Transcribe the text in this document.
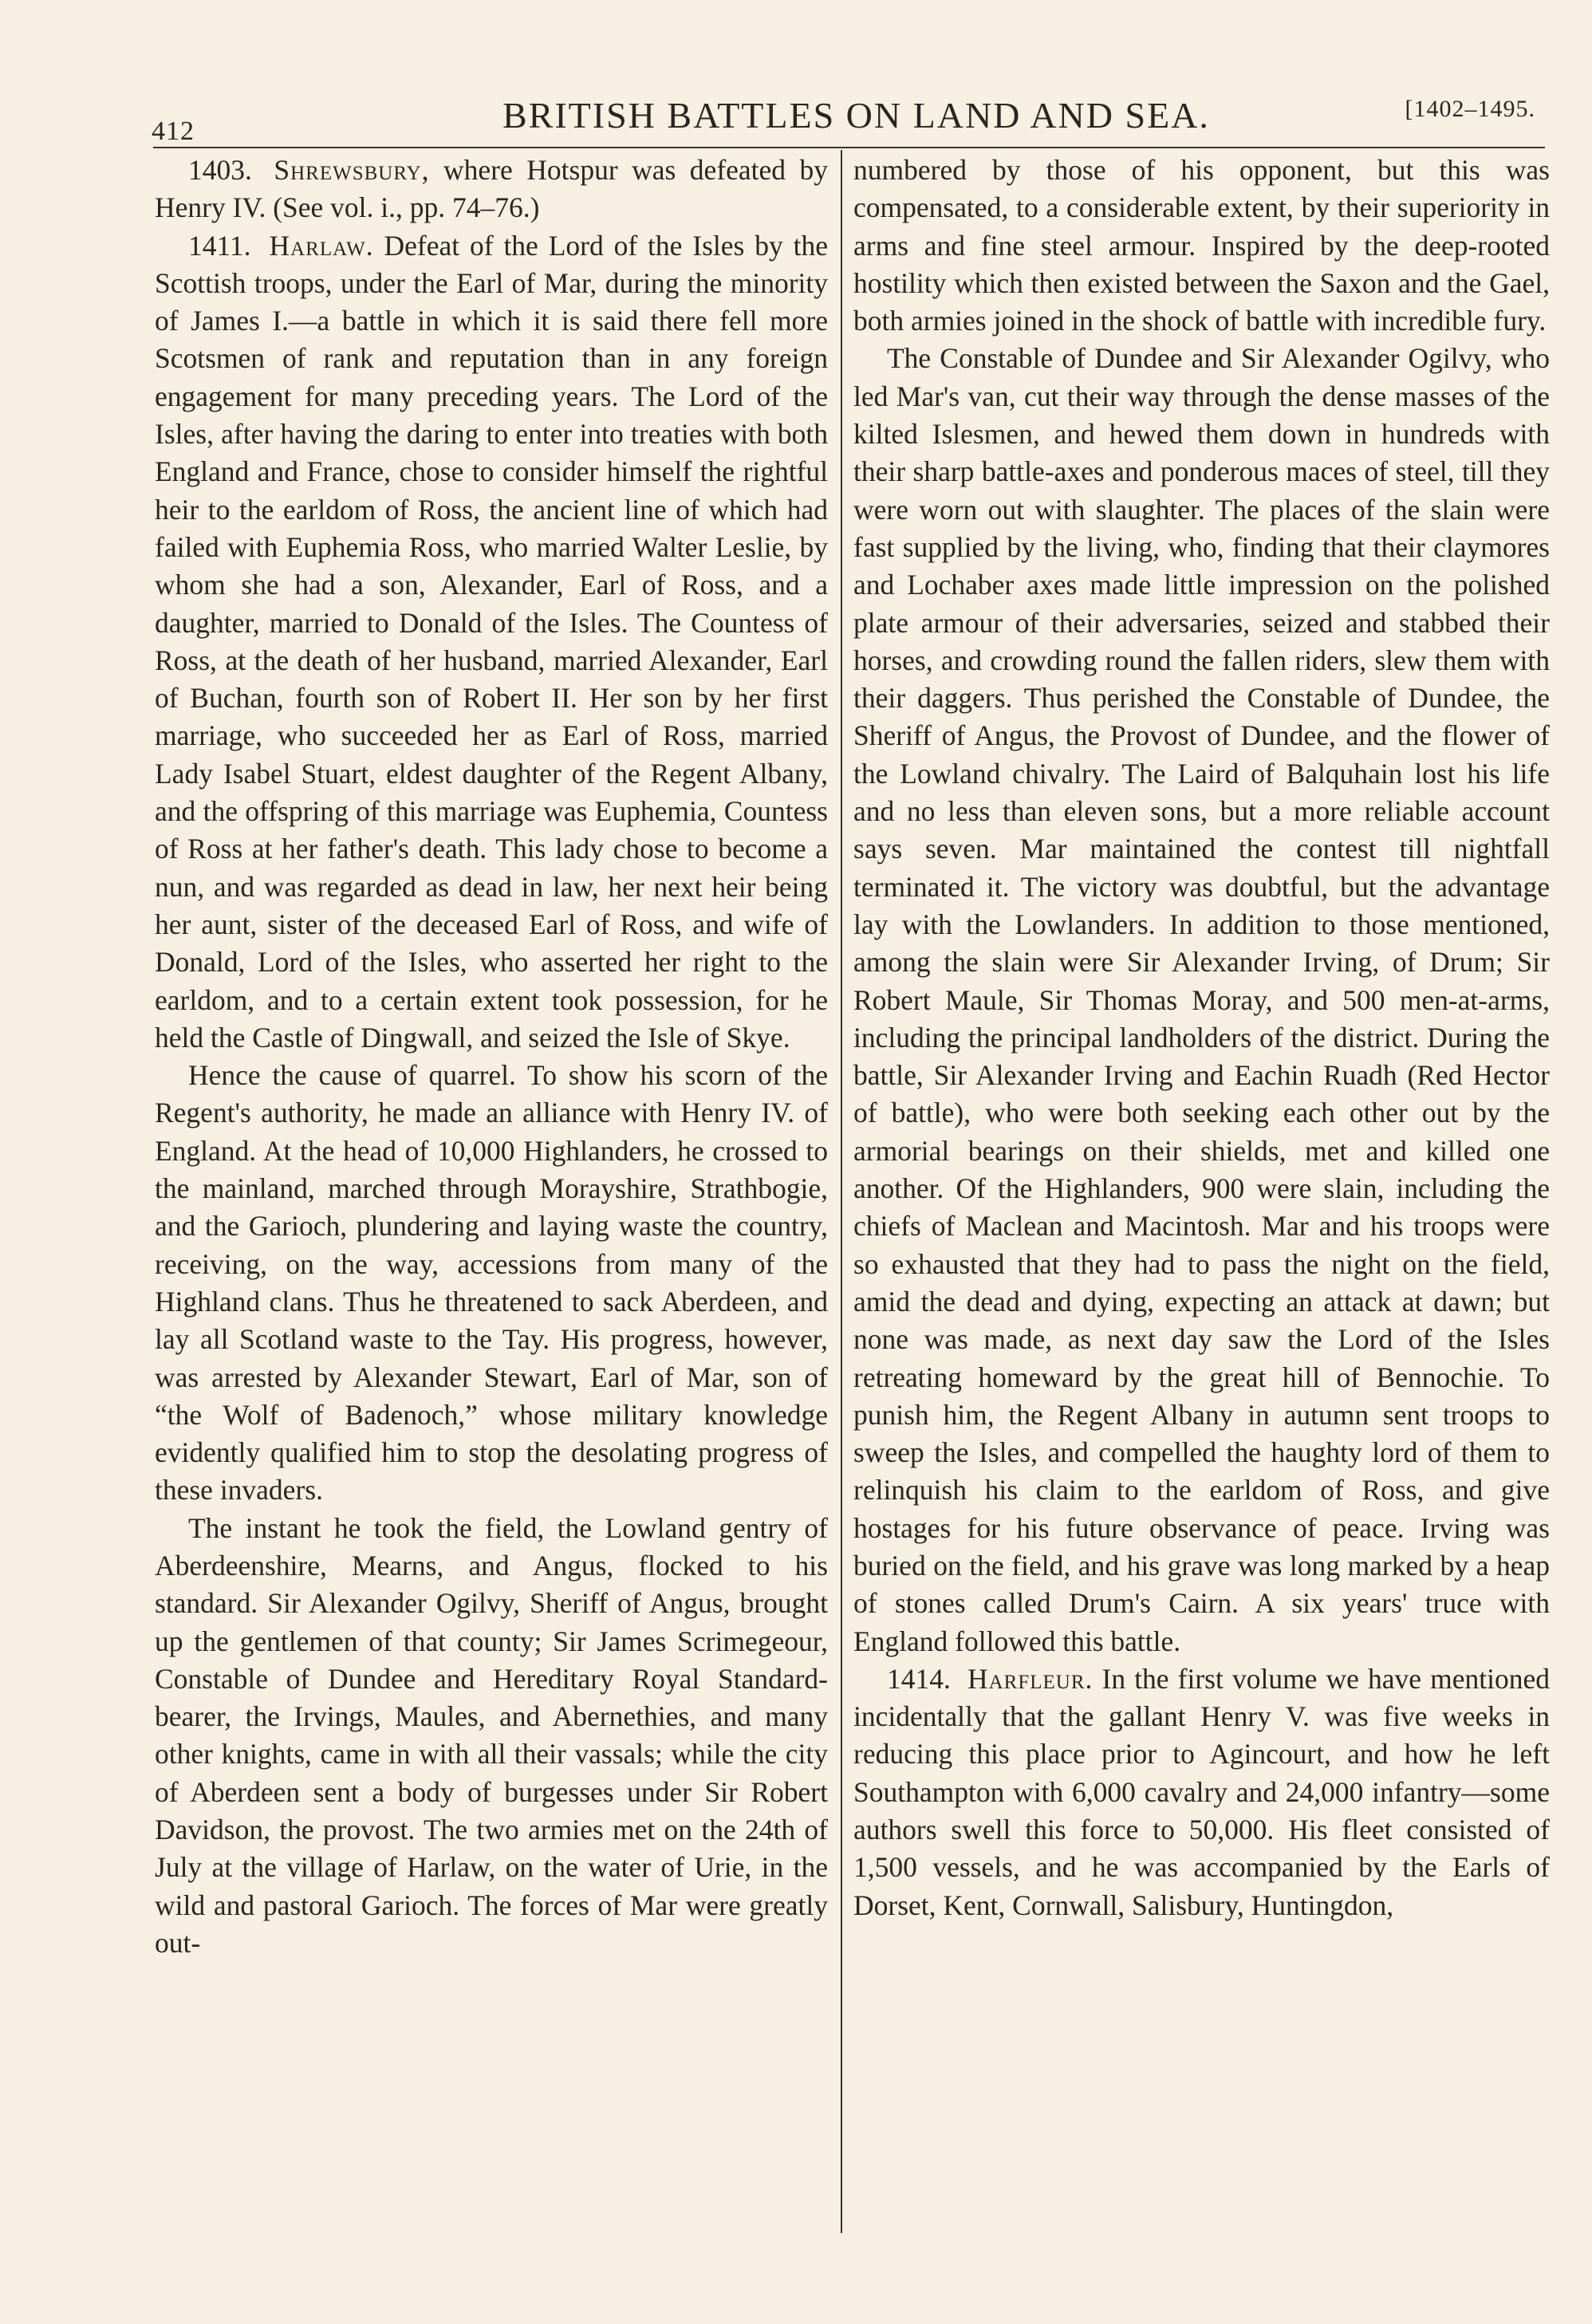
412	BRITISH BATTLES ON LAND AND SEA.	[1402–1495.

1403. Shrewsbury, where Hotspur was defeated by Henry IV. (See vol. i., pp. 74–76.)

1411. Harlaw. Defeat of the Lord of the Isles by the Scottish troops, under the Earl of Mar, during the minority of James I.—a battle in which it is said there fell more Scotsmen of rank and reputation than in any foreign engagement for many preceding years. The Lord of the Isles, after having the daring to enter into treaties with both England and France, chose to consider himself the rightful heir to the earldom of Ross, the ancient line of which had failed with Euphemia Ross, who married Walter Leslie, by whom she had a son, Alexander, Earl of Ross, and a daughter, married to Donald of the Isles. The Countess of Ross, at the death of her husband, married Alexander, Earl of Buchan, fourth son of Robert II. Her son by her first marriage, who succeeded her as Earl of Ross, married Lady Isabel Stuart, eldest daughter of the Regent Albany, and the offspring of this marriage was Euphemia, Countess of Ross at her father's death. This lady chose to become a nun, and was regarded as dead in law, her next heir being her aunt, sister of the deceased Earl of Ross, and wife of Donald, Lord of the Isles, who asserted her right to the earldom, and to a certain extent took possession, for he held the Castle of Dingwall, and seized the Isle of Skye.

Hence the cause of quarrel. To show his scorn of the Regent's authority, he made an alliance with Henry IV. of England. At the head of 10,000 Highlanders, he crossed to the mainland, marched through Morayshire, Strathbogie, and the Garioch, plundering and laying waste the country, receiving, on the way, accessions from many of the Highland clans. Thus he threatened to sack Aberdeen, and lay all Scotland waste to the Tay. His progress, however, was arrested by Alexander Stewart, Earl of Mar, son of “the Wolf of Badenoch,” whose military knowledge evidently qualified him to stop the desolating progress of these invaders.

The instant he took the field, the Lowland gentry of Aberdeenshire, Mearns, and Angus, flocked to his standard. Sir Alexander Ogilvy, Sheriff of Angus, brought up the gentlemen of that county; Sir James Scrimegeour, Constable of Dundee and Hereditary Royal Standard-bearer, the Irvings, Maules, and Abernethies, and many other knights, came in with all their vassals; while the city of Aberdeen sent a body of burgesses under Sir Robert Davidson, the provost. The two armies met on the 24th of July at the village of Harlaw, on the water of Urie, in the wild and pastoral Garioch. The forces of Mar were greatly out-

numbered by those of his opponent, but this was compensated, to a considerable extent, by their superiority in arms and fine steel armour. Inspired by the deep-rooted hostility which then existed between the Saxon and the Gael, both armies joined in the shock of battle with incredible fury.

The Constable of Dundee and Sir Alexander Ogilvy, who led Mar's van, cut their way through the dense masses of the kilted Islesmen, and hewed them down in hundreds with their sharp battle-axes and ponderous maces of steel, till they were worn out with slaughter. The places of the slain were fast supplied by the living, who, finding that their claymores and Lochaber axes made little impression on the polished plate armour of their adversaries, seized and stabbed their horses, and crowding round the fallen riders, slew them with their daggers. Thus perished the Constable of Dundee, the Sheriff of Angus, the Provost of Dundee, and the flower of the Lowland chivalry. The Laird of Balquhain lost his life and no less than eleven sons, but a more reliable account says seven. Mar maintained the contest till nightfall terminated it. The victory was doubtful, but the advantage lay with the Lowlanders. In addition to those mentioned, among the slain were Sir Alexander Irving, of Drum; Sir Robert Maule, Sir Thomas Moray, and 500 men-at-arms, including the principal landholders of the district. During the battle, Sir Alexander Irving and Eachin Ruadh (Red Hector of battle), who were both seeking each other out by the armorial bearings on their shields, met and killed one another. Of the Highlanders, 900 were slain, including the chiefs of Maclean and Macintosh. Mar and his troops were so exhausted that they had to pass the night on the field, amid the dead and dying, expecting an attack at dawn; but none was made, as next day saw the Lord of the Isles retreating homeward by the great hill of Bennochie. To punish him, the Regent Albany in autumn sent troops to sweep the Isles, and compelled the haughty lord of them to relinquish his claim to the earldom of Ross, and give hostages for his future observance of peace. Irving was buried on the field, and his grave was long marked by a heap of stones called Drum's Cairn. A six years' truce with England followed this battle.

1414. Harfleur. In the first volume we have mentioned incidentally that the gallant Henry V. was five weeks in reducing this place prior to Agincourt, and how he left Southampton with 6,000 cavalry and 24,000 infantry—some authors swell this force to 50,000. His fleet consisted of 1,500 vessels, and he was accompanied by the Earls of Dorset, Kent, Cornwall, Salisbury, Huntingdon,
